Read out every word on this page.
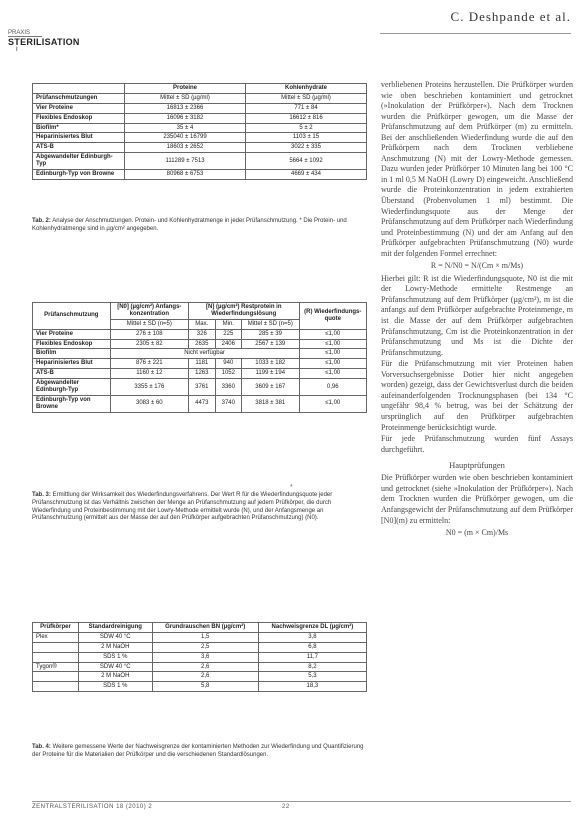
C. Deshpande et al.
PRAXIS
STERILISATION
I
	Proteine	Kohlenhydrate
Prüfanschmutzungen	Mittel ± SD (µg/ml)	Mittel ± SD (µg/ml)
Vier Proteine	16813 ± 2366	771 ± 84
Flexibles Endoskop	16096 ± 3182	16612 ± 816
Biofilm*	35 ± 4	5 ± 2
Heparinisiertes Blut	235040 ± 16799	1103 ± 15
ATS-B	18603 ± 2652	3022 ± 335
Abgewandelter Edinburgh-Typ	111289 ± 7513	5664 ± 1092
Edinburgh-Typ von Browne	80968 ± 6753	4669 ± 434
Tab. 2: Analyse der Anschmutzungen. Protein- und Kohlenhydratmenge in jeder Prüfanschmutzung. * Die Protein- und Kohlenhydratmenge sind in µg/cm² angegeben.
Prüfanschmutzung	[N0] (µg/cm²) Anfangs-konzentration	[N] (µg/cm²) Restprotein in Wiederfindungslösung			(R) Wiederfindungs-quote
	Mittel ± SD (n=5)	Max.	Min.	Mittel ± SD (n=5)	
Vier Proteine	276 ± 108	326	225	285 ± 39	≤1,00
Flexibles Endoskop	2305 ± 82	2635	2406	2567 ± 139	≤1,00
Biofilm	Nicht verfügbar				≤1,00
Heparinisiertes Blut	876 ± 221	1181	940	1033 ± 182	≤1,00
ATS-B	1160 ± 12	1263	1052	1199 ± 194	≤1,00
Abgewandelter Edinburgh-Typ	3355 ± 176	3761	3360	3609 ± 167	0,96
Edinburgh-Typ von Browne	3083 ± 60	4473	3740	3818 ± 381	≤1,00
*
Tab. 3: Ermittlung der Wirksamkeit des Wiederfindungsverfahrens. Der Wert R für die Wiederfindungsquote jeder Prüfanschmutzung ist das Verhältnis zwischen der Menge an Prüfanschmutzung auf jedem Prüfkörper, die durch Wiederfindung und Proteinbestimmung mit der Lowry-Methode ermittelt wurde (N), und der Anfangsmenge an Prüfanschmutzung (ermittelt aus der Masse der auf den Prüfkörper aufgebrachten Prüfanschmutzung) (N0).
Prüfkörper	Standardreinigung	Grundrauschen BN (µg/cm²)	Nachweisgrenze DL (µg/cm²)
Plex	SDW 40 °C	1,5	3,8
	2 M NaOH	2,5	6,8
	SDS 1 %	3,6	11,7
Tygon®	SDW 40 °C	2,6	8,2
	2 M NaOH	2,6	5,3
	SDS 1 %	5,8	18,3
Tab. 4: Weitere gemessene Werte der Nachweisgrenze der kontaminierten Methoden zur Wiederfindung und Quantifizierung der Proteine für die Materialien der Prüfkörper und die verschiedenen Standardlösungen.

verbliebenen Proteins herzustellen. Die Prüfkörper wurden wie oben beschrieben kontaminiert und getrocknet (»Inokulation der Prüfkörper«). Nach dem Trocknen wurden die Prüfkörper gewogen, um die Masse der Prüfanschmutzung auf dem Prüfkörper (m) zu ermitteln. Bei der anschließenden Wiederfindung wurde die auf den Prüfkörpern nach dem Trocknen verbliebene Anschmutzung (N) mit der Lowry-Methode gemessen. Dazu wurden jeder Prüfkörper 10 Minuten lang bei 100 °C in 1 ml 0,5 M NaOH (Lowry D) eingeweicht. Anschließend wurde die Proteinkonzentration in jedem extrahierten Überstand (Probenvolumen 1 ml) bestimmt. Die Wiederfindungsquote aus der Menge der Prüfanschmutzung auf dem Prüfkörper nach Wiederfindung und Proteinbestimmung (N) und der am Anfang auf den Prüfkörper aufgebrachten Prüfanschmutzung (N0) wurde mit der folgenden Formel errechnet:

R = N/N0 = N/(Cm × m/Ms)

Hierbei gilt: R ist die Wiederfindungsquote, N0 ist die mit der Lowry-Methode ermittelte Restmenge an Prüfanschmutzung auf dem Prüfkörper (µg/cm²), m ist die anfangs auf dem Prüfkörper aufgebrachte Proteinmenge, m ist die Masse der auf dem Prüfkörper aufgebrachten Prüfanschmutzung, Cm ist die Proteinkonzentration in der Prüfanschmutzung und Ms ist die Dichte der Prüfanschmutzung.

Für die Prüfanschmutzung mit vier Proteinen haben Vorversuchsergebnisse Dotier hier nicht angegeben worden) gezeigt, dass der Gewichtsverlust durch die beiden aufeinanderfolgenden Trocknungsphasen (bei 134 °C ungefähr 98,4 % betrug, was bei der Schätzung der ursprünglich auf den Prüfkörper aufgebrachten Proteinmenge berücksichtigt wurde.

Für jede Prüfanschmutzung wurden fünf Assays durchgeführt.

Hauptprüfungen

Die Prüfkörper wurden wie oben beschrieben kontaminiert und getrocknet (siehe »Inokulation der Prüfkörper«). Nach dem Trocknen wurden die Prüfkörper gewogen, um die Anfangsgewicht der Prüfanschmutzung auf dem Prüfkörper [N0](m) zu ermitteln:

N0 = (m × Cm)/Ms
ZENTRALSTERILISATION 18 (2010) 2	22
